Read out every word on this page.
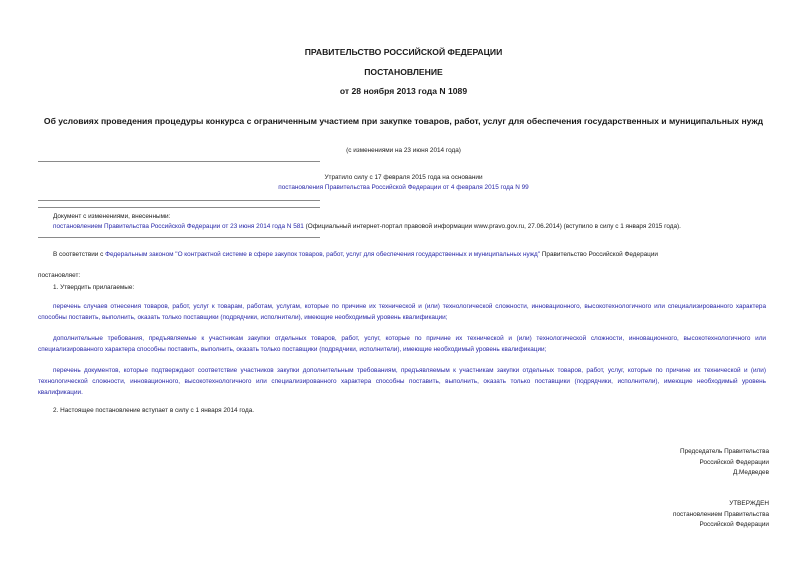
ПРАВИТЕЛЬСТВО РОССИЙСКОЙ ФЕДЕРАЦИИ
ПОСТАНОВЛЕНИЕ
от 28 ноября 2013 года N 1089
Об условиях проведения процедуры конкурса с ограниченным участием при закупке товаров, работ, услуг для обеспечения государственных и муниципальных нужд
(с изменениями на 23 июня 2014 года)
Утратило силу с 17 февраля 2015 года на основании
постановления Правительства Российской Федерации от 4 февраля 2015 года N 99
Документ с изменениями, внесенными:
постановлением Правительства Российской Федерации от 23 июня 2014 года N 581 (Официальный интернет-портал правовой информации www.pravo.gov.ru, 27.06.2014) (вступило в силу с 1 января 2015 года).
В соответствии с Федеральным законом "О контрактной системе в сфере закупок товаров, работ, услуг для обеспечения государственных и муниципальных нужд" Правительство Российской Федерации
постановляет:
1. Утвердить прилагаемые:
перечень случаев отнесения товаров, работ, услуг к товарам, работам, услугам, которые по причине их технической и (или) технологической сложности, инновационного, высокотехнологичного или специализированного характера способны поставить, выполнить, оказать только поставщики (подрядчики, исполнители), имеющие необходимый уровень квалификации;
дополнительные требования, предъявляемые к участникам закупки отдельных товаров, работ, услуг, которые по причине их технической и (или) технологической сложности, инновационного, высокотехнологичного или специализированного характера способны поставить, выполнить, оказать только поставщики (подрядчики, исполнители), имеющие необходимый уровень квалификации;
перечень документов, которые подтверждают соответствие участников закупки дополнительным требованиям, предъявляемым к участникам закупки отдельных товаров, работ, услуг, которые по причине их технической и (или) технологической сложности, инновационного, высокотехнологичного или специализированного характера способны поставить, выполнить, оказать только поставщики (подрядчики, исполнители), имеющие необходимый уровень квалификации.
2. Настоящее постановление вступает в силу с 1 января 2014 года.
Председатель Правительства
Российской Федерации
Д.Медведев
УТВЕРЖДЕН
постановлением Правительства
Российской Федерации
